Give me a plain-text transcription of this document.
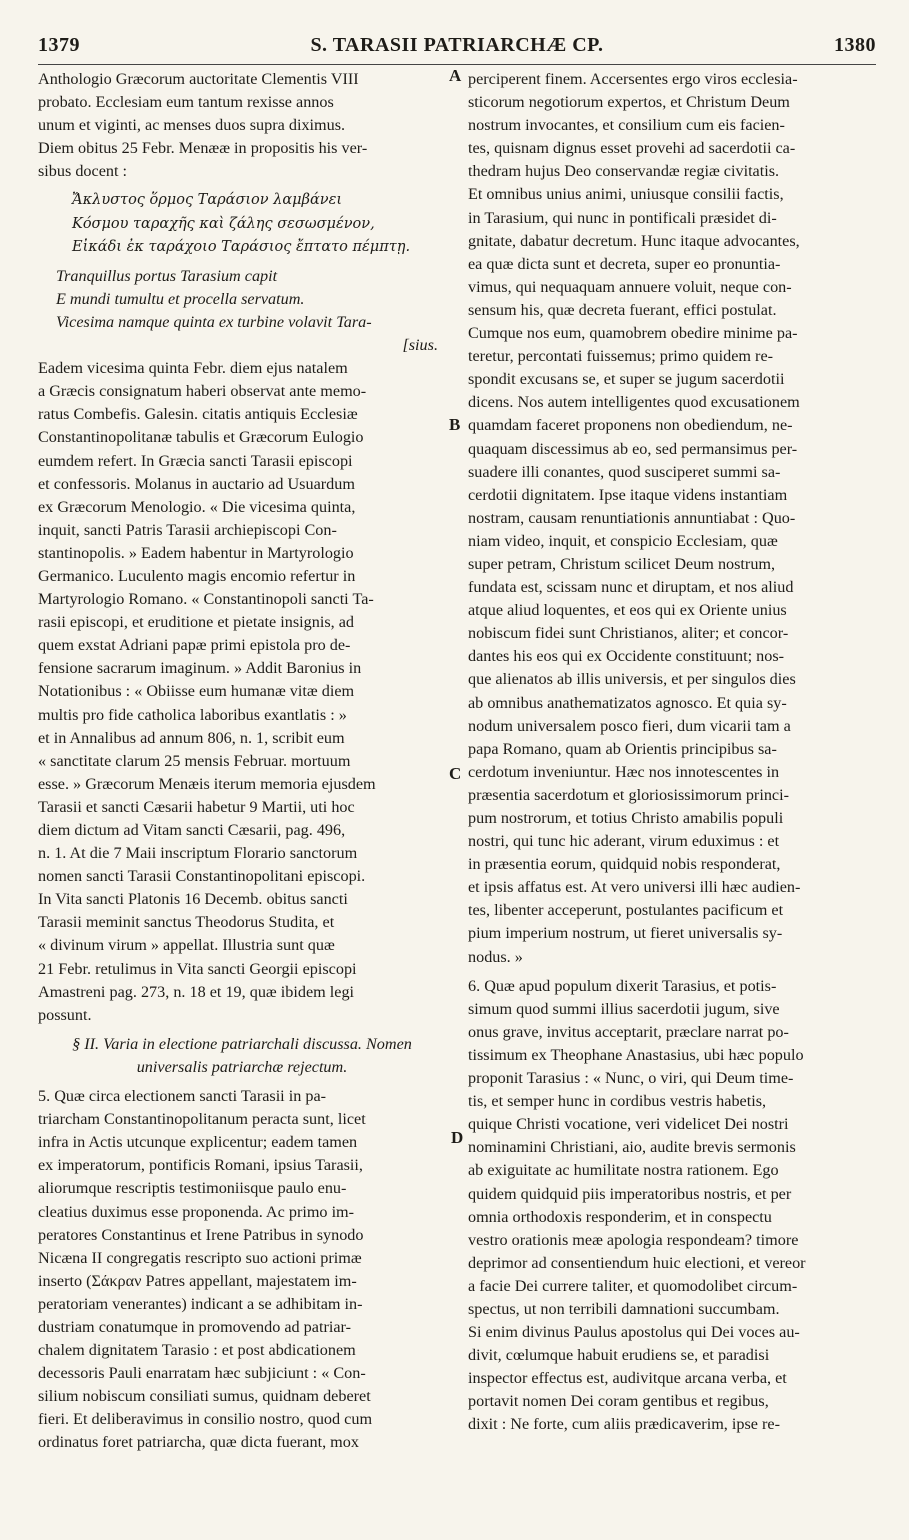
1379	S. TARASII PATRIARCHÆ CP.	1380
A
B
C
D
Anthologio Græcorum auctoritate Clementis VIII
probato. Ecclesiam eum tantum rexisse annos
unum et viginti, ac menses duos supra diximus.
Diem obitus 25 Febr. Menææ in propositis his ver-
sibus docent :
Ἄκλυστος ὅρμος Ταράσιον λαμβάνει
Κόσμου ταραχῆς καὶ ζάλης σεσωσμένον,
Εἰκάδι ἐκ ταράχοιο Ταράσιος ἔπτατο πέμπτῃ.
Tranquillus portus Tarasium capit
E mundi tumultu et procella servatum.
Vicesima namque quinta ex turbine volavit Tara-
[sius.
Eadem vicesima quinta Febr. diem ejus natalem
a Græcis consignatum haberi observat ante memo-
ratus Combefis. Galesin. citatis antiquis Ecclesiæ
Constantinopolitanæ tabulis et Græcorum Eulogio
eumdem refert. In Græcia sancti Tarasii episcopi
et confessoris. Molanus in auctario ad Usuardum
ex Græcorum Menologio. « Die vicesima quinta,
inquit, sancti Patris Tarasii archiepiscopi Con-
stantinopolis. » Eadem habentur in Martyrologio
Germanico. Luculento magis encomio refertur in
Martyrologio Romano. « Constantinopoli sancti Ta-
rasii episcopi, et eruditione et pietate insignis, ad
quem exstat Adriani papæ primi epistola pro de-
fensione sacrarum imaginum. » Addit Baronius in
Notationibus : « Obiisse eum humanæ vitæ diem
multis pro fide catholica laboribus exantlatis : »
et in Annalibus ad annum 806, n. 1, scribit eum
« sanctitate clarum 25 mensis Februar. mortuum
esse. » Græcorum Menæis iterum memoria ejusdem
Tarasii et sancti Cæsarii habetur 9 Martii, uti hoc
diem dictum ad Vitam sancti Cæsarii, pag. 496,
n. 1. At die 7 Maii inscriptum Florario sanctorum
nomen sancti Tarasii Constantinopolitani episcopi.
In Vita sancti Platonis 16 Decemb. obitus sancti
Tarasii meminit sanctus Theodorus Studita, et
« divinum virum » appellat. Illustria sunt quæ
21 Febr. retulimus in Vita sancti Georgii episcopi
Amastreni pag. 273, n. 18 et 19, quæ ibidem legi
possunt.
§ II. Varia in electione patriarchali discussa. Nomen
universalis patriarchæ rejectum.
5. Quæ circa electionem sancti Tarasii in pa-
triarcham Constantinopolitanum peracta sunt, licet
infra in Actis utcunque explicentur; eadem tamen
ex imperatorum, pontificis Romani, ipsius Tarasii,
aliorumque rescriptis testimoniisque paulo enu-
cleatius duximus esse proponenda. Ac primo im-
peratores Constantinus et Irene Patribus in synodo
Nicæna II congregatis rescripto suo actioni primæ
inserto (Σάκραν Patres appellant, majestatem im-
peratoriam venerantes) indicant a se adhibitam in-
dustriam conatumque in promovendo ad patriar-
chalem dignitatem Tarasio : et post abdicationem
decessoris Pauli enarratam hæc subjiciunt : « Con-
silium nobiscum consiliati sumus, quidnam deberet
fieri. Et deliberavimus in consilio nostro, quod cum
ordinatus foret patriarcha, quæ dicta fuerant, mox
perciperent finem. Accersentes ergo viros ecclesia-
sticorum negotiorum expertos, et Christum Deum
nostrum invocantes, et consilium cum eis facien-
tes, quisnam dignus esset provehi ad sacerdotii ca-
thedram hujus Deo conservandæ regiæ civitatis.
Et omnibus unius animi, uniusque consilii factis,
in Tarasium, qui nunc in pontificali præsidet di-
gnitate, dabatur decretum. Hunc itaque advocantes,
ea quæ dicta sunt et decreta, super eo pronuntia-
vimus, qui nequaquam annuere voluit, neque con-
sensum his, quæ decreta fuerant, effici postulat.
Cumque nos eum, quamobrem obedire minime pa-
teretur, percontati fuissemus; primo quidem re-
spondit excusans se, et super se jugum sacerdotii
dicens. Nos autem intelligentes quod excusationem
quamdam faceret proponens non obediendum, ne-
quaquam discessimus ab eo, sed permansimus per-
suadere illi conantes, quod susciperet summi sa-
cerdotii dignitatem. Ipse itaque videns instantiam
nostram, causam renuntiationis annuntiabat : Quo-
niam video, inquit, et conspicio Ecclesiam, quæ
super petram, Christum scilicet Deum nostrum,
fundata est, scissam nunc et diruptam, et nos aliud
atque aliud loquentes, et eos qui ex Oriente unius
nobiscum fidei sunt Christianos, aliter; et concor-
dantes his eos qui ex Occidente constituunt; nos-
que alienatos ab illis universis, et per singulos dies
ab omnibus anathematizatos agnosco. Et quia sy-
nodum universalem posco fieri, dum vicarii tam a
papa Romano, quam ab Orientis principibus sa-
cerdotum inveniuntur. Hæc nos innotescentes in
præsentia sacerdotum et gloriosissimorum princi-
pum nostrorum, et totius Christo amabilis populi
nostri, qui tunc hic aderant, virum eduximus : et
in præsentia eorum, quidquid nobis responderat,
et ipsis affatus est. At vero universi illi hæc audien-
tes, libenter acceperunt, postulantes pacificum et
pium imperium nostrum, ut fieret universalis sy-
nodus. »
6. Quæ apud populum dixerit Tarasius, et potis-
simum quod summi illius sacerdotii jugum, sive
onus grave, invitus acceptarit, præclare narrat po-
tissimum ex Theophane Anastasius, ubi hæc populo
proponit Tarasius : « Nunc, o viri, qui Deum time-
tis, et semper hunc in cordibus vestris habetis,
quique Christi vocatione, veri videlicet Dei nostri
nominamini Christiani, aio, audite brevis sermonis
ab exiguitate ac humilitate nostra rationem. Ego
quidem quidquid piis imperatoribus nostris, et per
omnia orthodoxis responderim, et in conspectu
vestro orationis meæ apologia respondeam? timore
deprimor ad consentiendum huic electioni, et vereor
a facie Dei currere taliter, et quomodolibet circum-
spectus, ut non terribili damnationi succumbam.
Si enim divinus Paulus apostolus qui Dei voces au-
divit, cœlumque habuit erudiens se, et paradisi
inspector effectus est, audivitque arcana verba, et
portavit nomen Dei coram gentibus et regibus,
dixit : Ne forte, cum aliis prædicaverim, ipse re-
